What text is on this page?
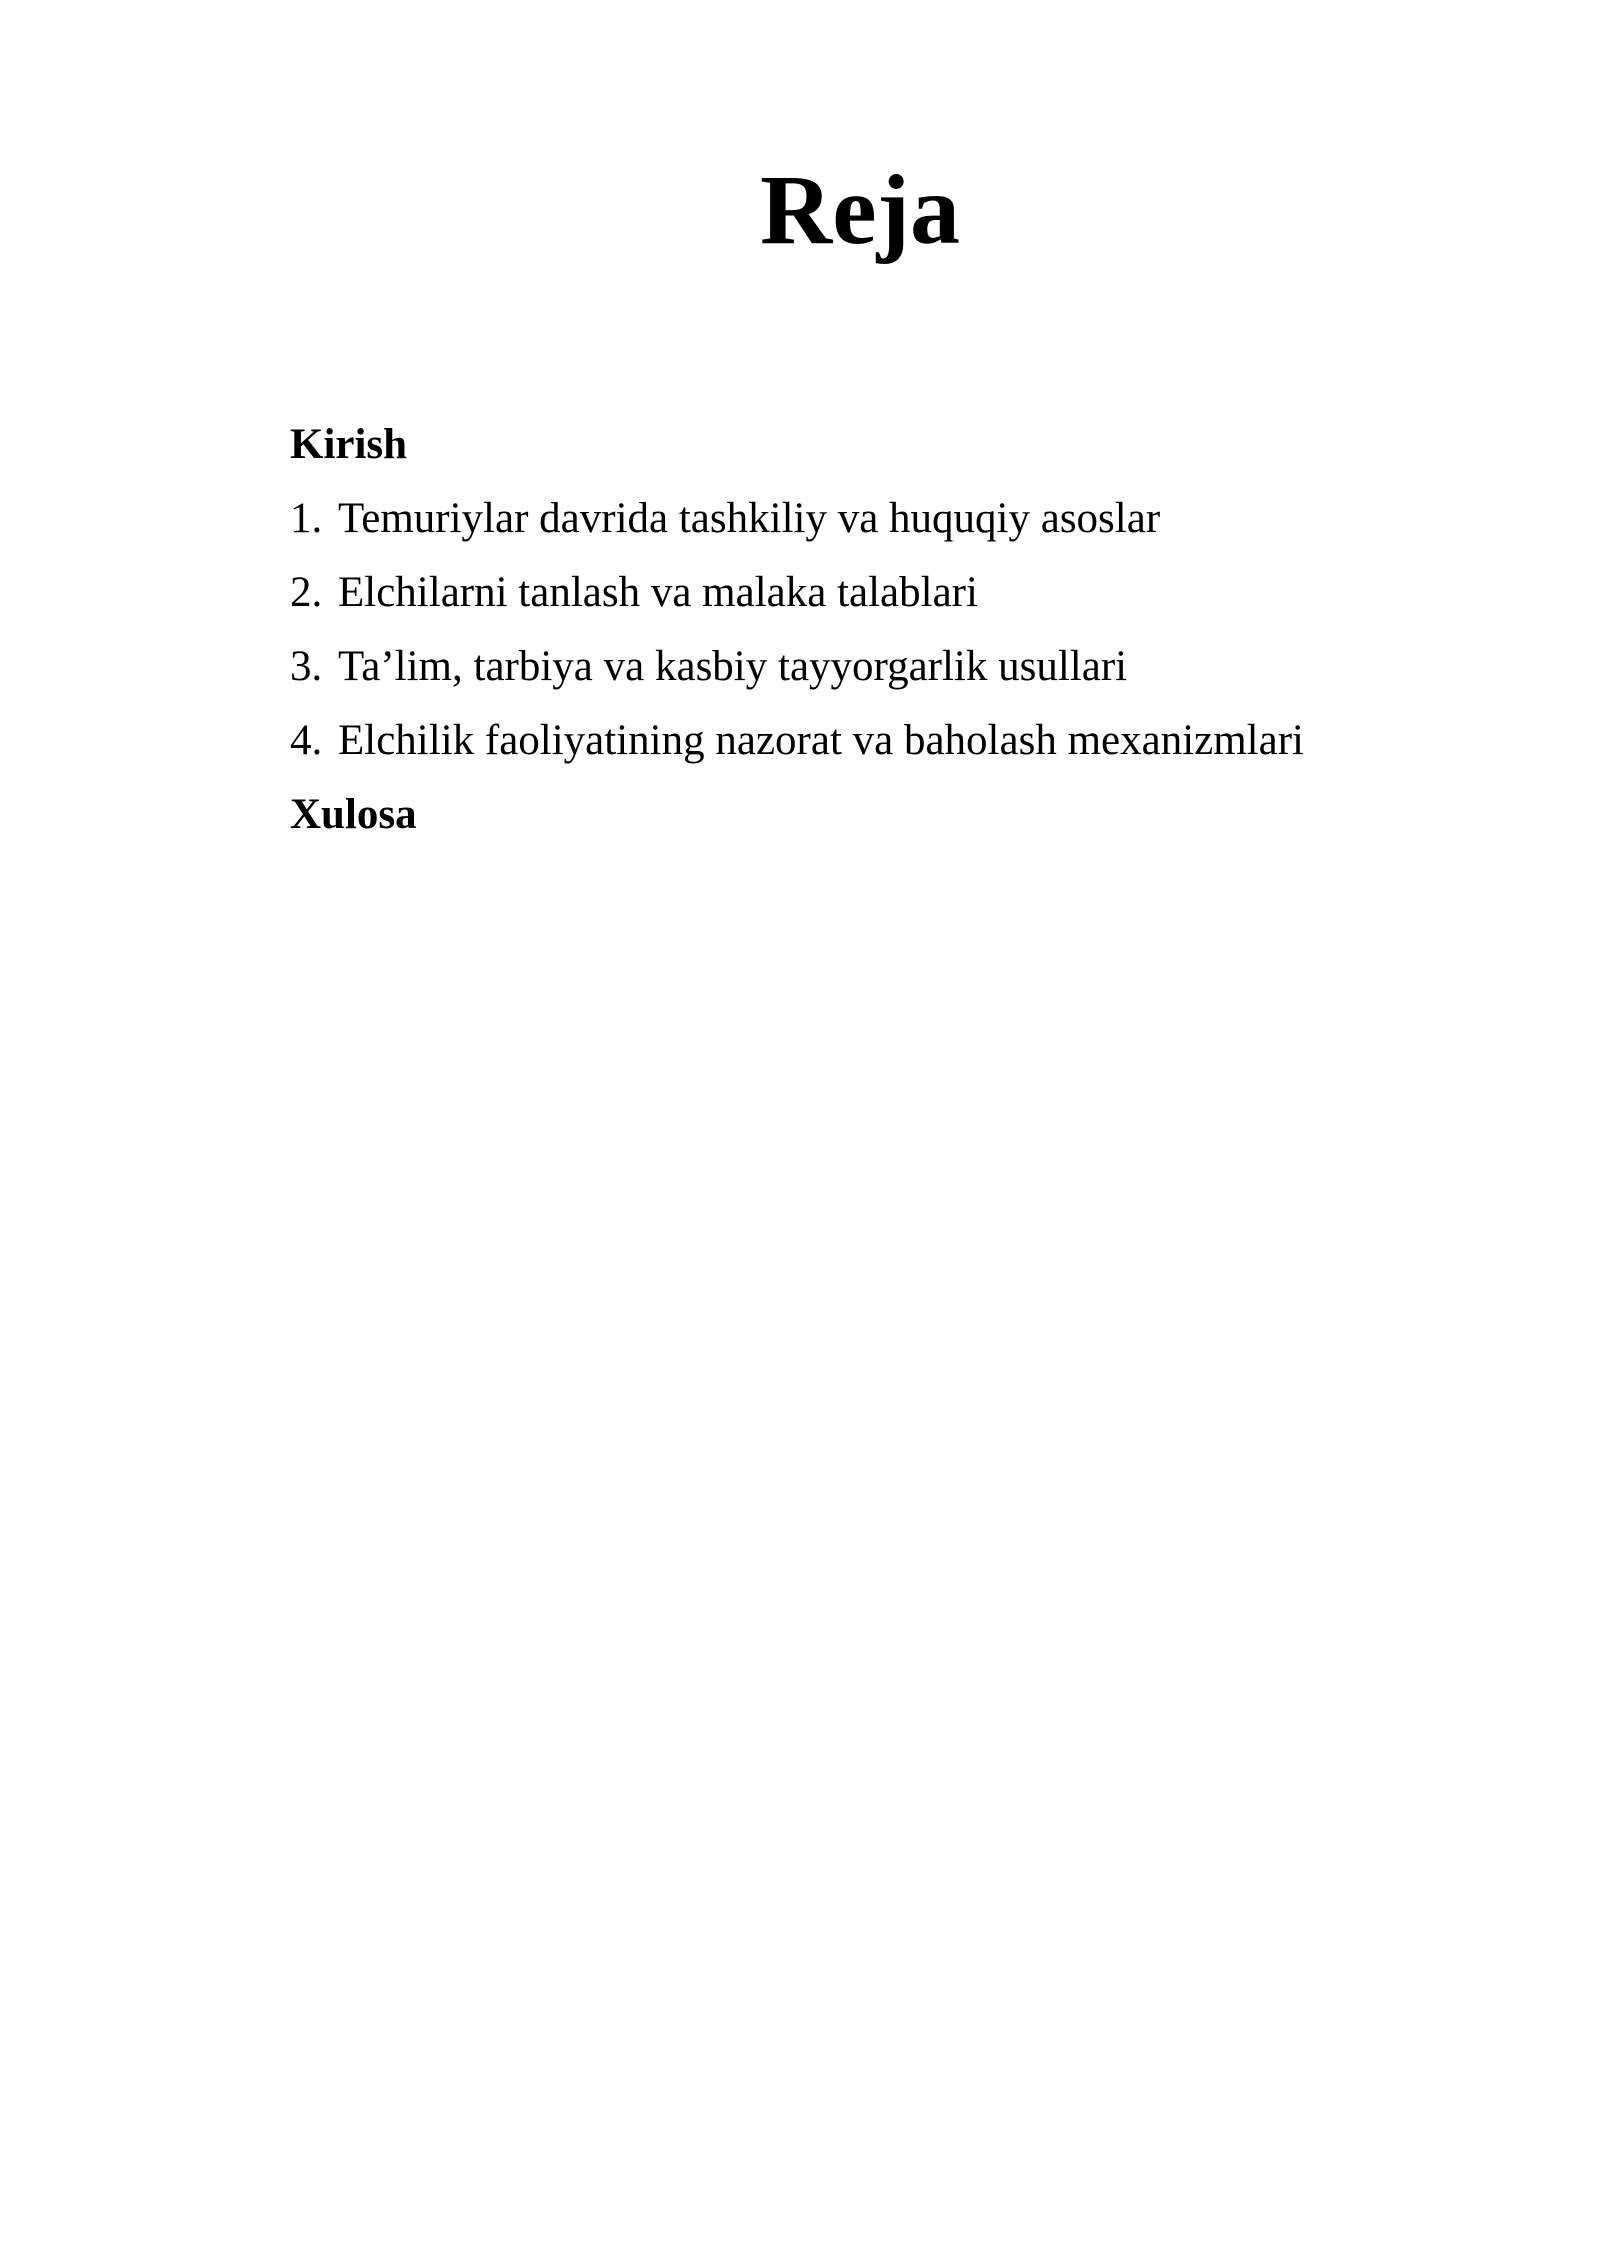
Reja
Kirish
1. Temuriylar davrida tashkiliy va huquqiy asoslar
2. Elchilarni tanlash va malaka talablari
3. Ta’lim, tarbiya va kasbiy tayyorgarlik usullari
4. Elchilik faoliyatining nazorat va baholash mexanizmlari
Xulosa
